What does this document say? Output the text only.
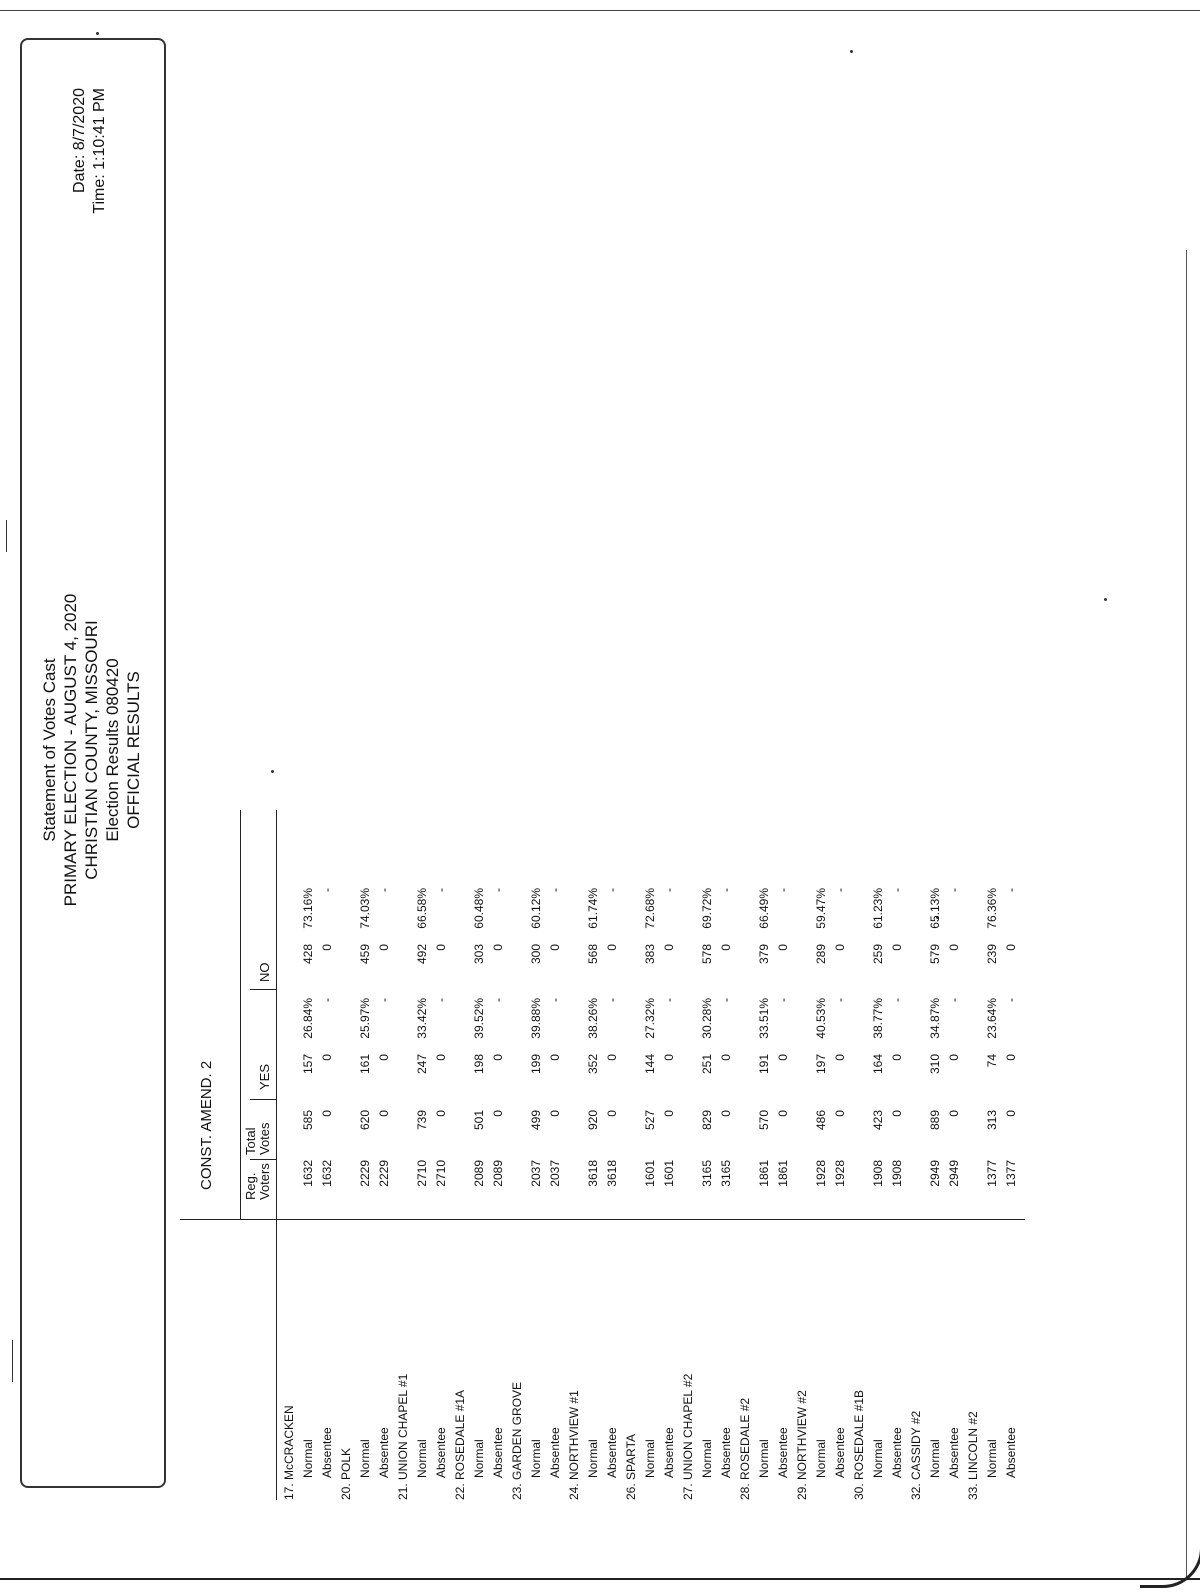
Statement of Votes Cast PRIMARY ELECTION - AUGUST 4, 2020 CHRISTIAN COUNTY, MISSOURI Election Results 080420 OFFICIAL RESULTS
Date: 8/7/2020 Time: 1:10:41 PM
CONST. AMEND. 2 Reg. Voters
Total Votes
YES
NO
17. McCRACKEN Normal
1632
585
157
26.84%
428
73.16%
Absentee
1632
0
0
-
0
-
20. POLK Normal
2229
620
161
25.97%
459
74.03%
Absentee
2229
0
0
-
0
-
21. UNION CHAPEL #1 Normal
2710
739
247
33.42%
492
66.58%
Absentee
2710
0
0
-
0
-
22. ROSEDALE #1A Normal
2089
501
198
39.52%
303
60.48%
Absentee
2089
0
0
-
0
-
23. GARDEN GROVE Normal
2037
499
199
39.88%
300
60.12%
Absentee
2037
0
0
-
0
-
24. NORTHVIEW #1 Normal
3618
920
352
38.26%
568
61.74%
Absentee
3618
0
0
-
0
-
26. SPARTA Normal
1601
527
144
27.32%
383
72.68%
Absentee
1601
0
0
-
0
-
27. UNION CHAPEL #2 Normal
3165
829
251
30.28%
578
69.72%
Absentee
3165
0
0
-
0
-
28. ROSEDALE #2 Normal
1861
570
191
33.51%
379
66.49%
Absentee
1861
0
0
-
0
-
29. NORTHVIEW #2 Normal
1928
486
197
40.53%
289
59.47%
Absentee
1928
0
0
-
0
-
30. ROSEDALE #1B Normal
1908
423
164
38.77%
259
61.23%
Absentee
1908
0
0
-
0
-
32. CASSIDY #2 Normal
2949
889
310
34.87%
579
65.13%
Absentee
2949
0
0
-
0
-
33. LINCOLN #2 Normal
1377
313
74
23.64%
239
76.36%
Absentee
1377
0
0
-
0
-
